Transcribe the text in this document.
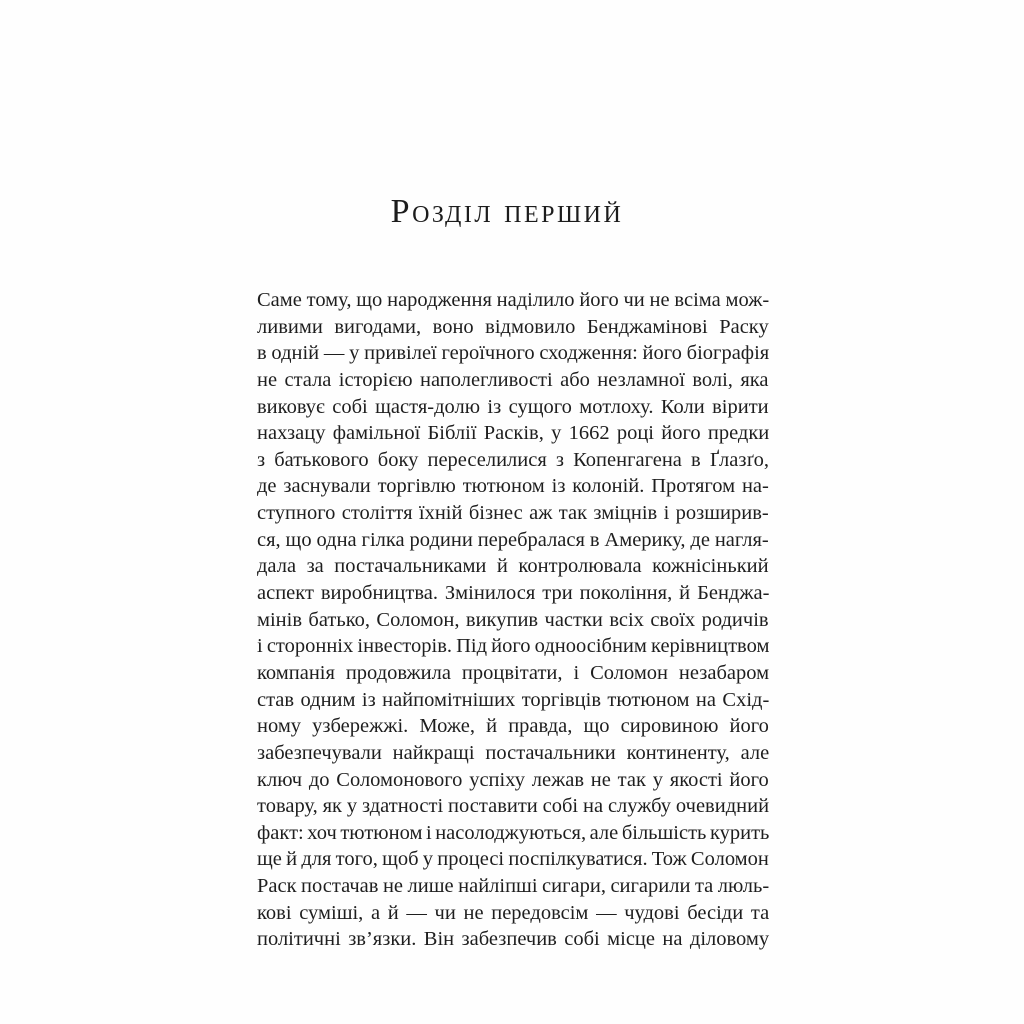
Розділ перший
Саме тому, що народження наділило його чи не всіма мож-
ливими вигодами, воно відмовило Бенджамінові Раску
в одній — у привілеї героїчного сходження: його біографія
не стала історією наполегливості або незламної волі, яка
виковує собі щастя-долю із сущого мотлоху. Коли вірити
нахзацу фамільної Біблії Расків, у 1662 році його предки
з батькового боку переселилися з Копенгагена в Ґлазґо,
де заснували торгівлю тютюном із колоній. Протягом на-
ступного століття їхній бізнес аж так зміцнів і розширив-
ся, що одна гілка родини перебралася в Америку, де нагля-
дала за постачальниками й контролювала кожнісінький
аспект виробництва. Змінилося три покоління, й Бенджа-
мінів батько, Соломон, викупив частки всіх своїх родичів
і сторонніх інвесторів. Під його одноосібним керівництвом
компанія продовжила процвітати, і Соломон незабаром
став одним із найпомітніших торгівців тютюном на Схід-
ному узбережжі. Може, й правда, що сировиною його
забезпечували найкращі постачальники континенту, але
ключ до Соломонового успіху лежав не так у якості його
товару, як у здатності поставити собі на службу очевидний
факт: хоч тютюном і насолоджуються, але більшість курить
ще й для того, щоб у процесі поспілкуватися. Тож Соломон
Раск постачав не лише найліпші сигари, сигарили та люль-
кові суміші, а й — чи не передовсім — чудові бесіди та
політичні зв’язки. Він забезпечив собі місце на діловому
